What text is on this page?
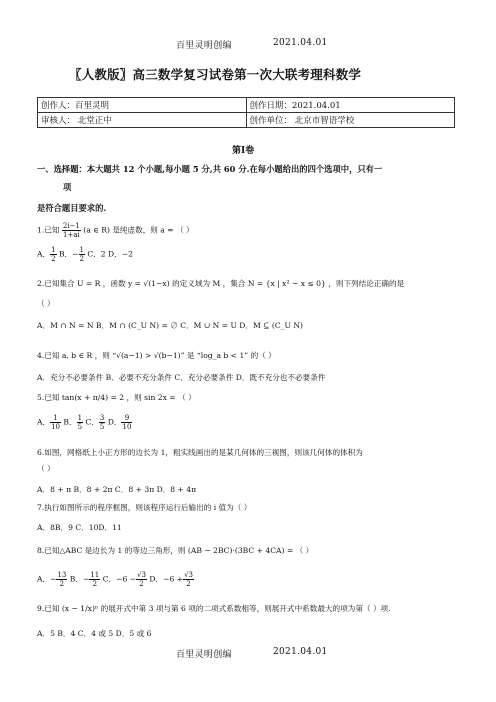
百里灵明创编	2021.04.01
〖人教版〗高三数学复习试卷第一次大联考理科数学
创作人：百里灵明	创作日期：2021.04.01
审核人： 北堂正中	创作单位： 北京市智语学校
第Ⅰ卷
一、选择题：本大题共 12 个小题,每小题 5 分,共 60 分.在每小题给出的四个选项中，只有一
项
是符合题目要求的.
1.已知 $\frac{2i-1}{1+ai} (a$ ∈ R) 是纯虚数，则 a = （ ）
A． $\frac{1}{2}$ B．− $\frac{1}{2}$ C．2 D．−2
2.已知集合 U = R ，函数 y = √(1−x) 的定义域为 M ，集合 N = {x | x² − x ≤ 0} ，则下列结论正确的是
（ ）
A．M ∩ N = N B．M ∩ (C_U N) = ∅ C．M ∪ N = U D．M ⊆ (C_U N)
4.已知 a, b ∈ R ，则 “√(a−1) > √(b−1)” 是 “log_a b < 1” 的（ ）
A．充分不必要条件 B．必要不充分条件 C．充分必要条件 D．既不充分也不必要条件
5.已知 tan(x + π/4) = 2 ，则 sin 2x = （ ）
A． $\frac{1}{10}$ B． $\frac{1}{5}$ C． $\frac{3}{5}$ D． $\frac{9}{10}$
6.如图，网格纸上小正方形的边长为 1，粗实线画出的是某几何体的三视图，则该几何体的体积为
（ ）
A．8 + π B．8 + 2π C．8 + 3π D．8 + 4π
7.执行如图所示的程序框图，则该程序运行后输出的 i 值为（ ）
A．8B．9 C．10D．11
8.已知△ABC 是边长为 1 的等边三角形，则 (AB − 2BC)·(3BC + 4CA) = （ ）
A．− $\frac{13}{2}$ B．− $\frac{11}{2}$ C．$-6 - \frac{√3}{2}$ D．$-6 + \frac{√3}{2}$
9.已知 (x − 1/x)ⁿ 的展开式中第 3 项与第 6 项的二项式系数相等，则展开式中系数最大的项为第（ ）项.
A．5 B．4 C．4 或 5 D．5 或 6
百里灵明创编	2021.04.01
